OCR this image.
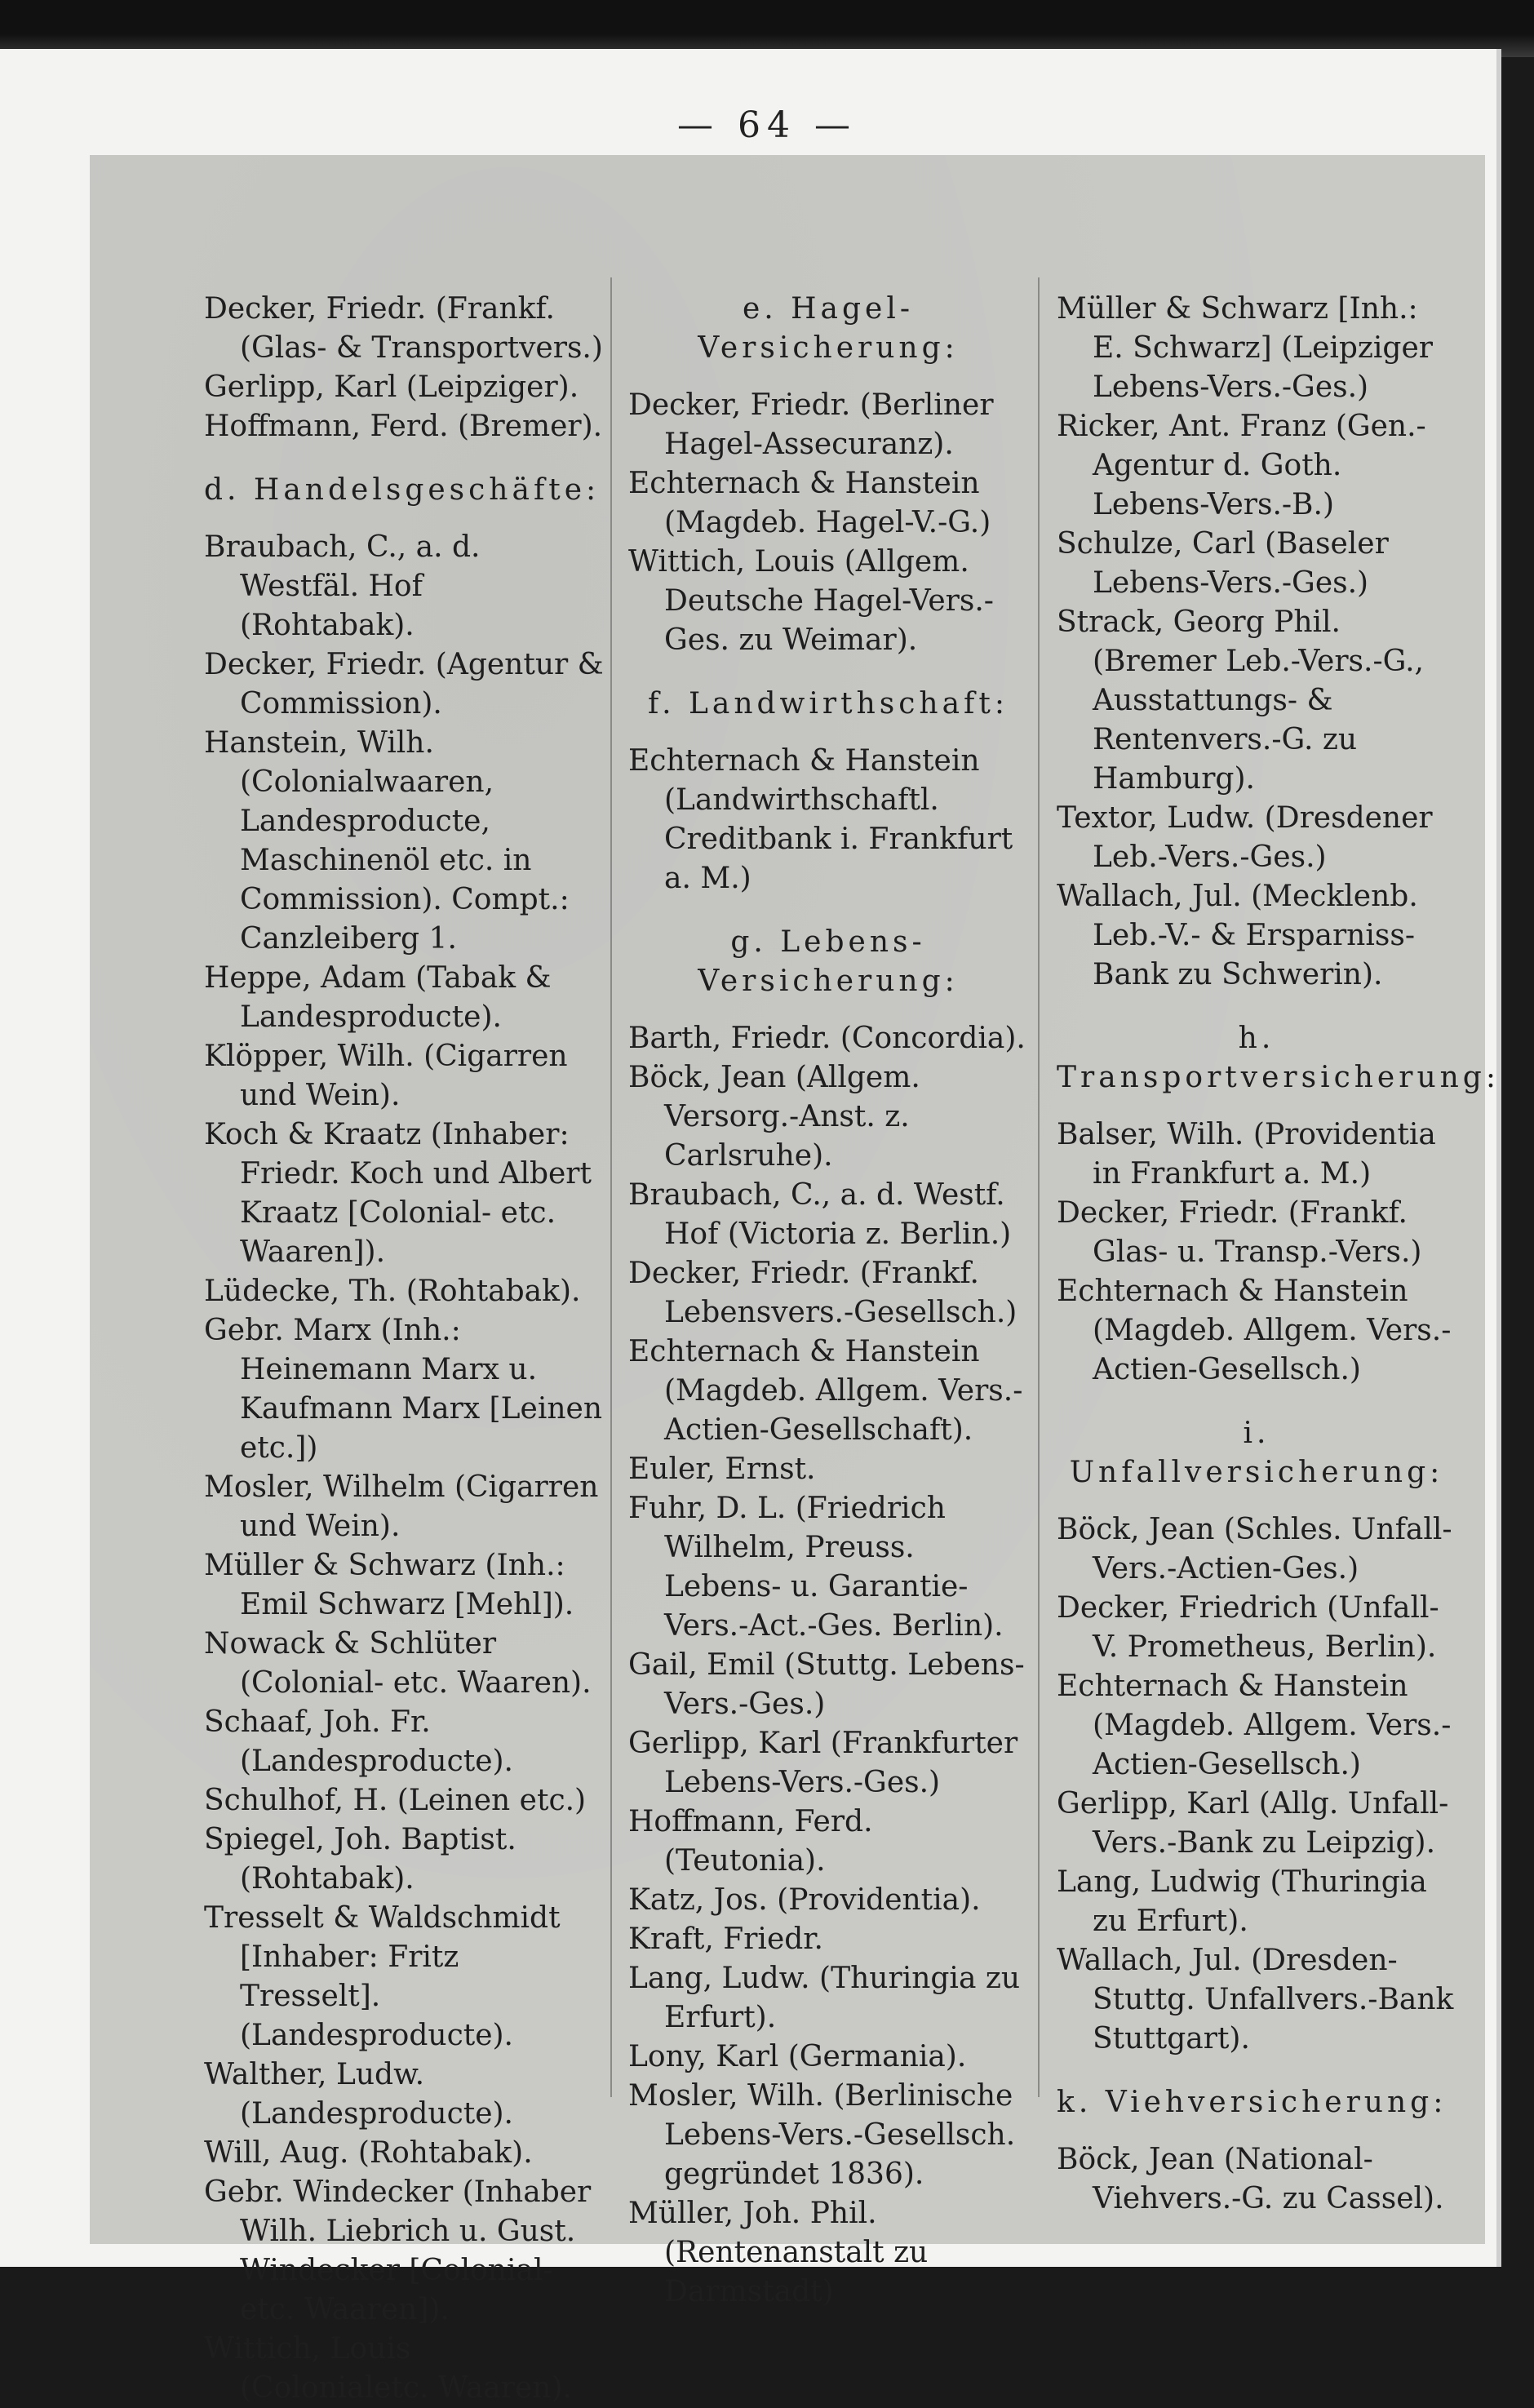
— 64 —
Decker, Friedr. (Frankf. (Glas- & Transportvers.)
Gerlipp, Karl (Leipziger).
Hoffmann, Ferd. (Bremer).
d. Handelsgeschäfte:
Braubach, C., a. d. Westfäl. Hof (Rohtabak).
Decker, Friedr. (Agentur & Commission).
Hanstein, Wilh. (Colonialwaaren, Landesproducte, Maschinenöl etc. in Commission). Compt.: Canzleiberg 1.
Heppe, Adam (Tabak & Landesproducte).
Klöpper, Wilh. (Cigarren und Wein).
Koch & Kraatz (Inhaber: Friedr. Koch und Albert Kraatz [Colonial- etc. Waaren]).
Lüdecke, Th. (Rohtabak).
Gebr. Marx (Inh.: Heinemann Marx u. Kaufmann Marx [Leinen etc.])
Mosler, Wilhelm (Cigarren und Wein).
Müller & Schwarz (Inh.: Emil Schwarz [Mehl]).
Nowack & Schlüter (Colonial- etc. Waaren).
Schaaf, Joh. Fr. (Landesproducte).
Schulhof, H. (Leinen etc.)
Spiegel, Joh. Baptist. (Rohtabak).
Tresselt & Waldschmidt [Inhaber: Fritz Tresselt]. (Landesproducte).
Walther, Ludw. (Landesproducte).
Will, Aug. (Rohtabak).
Gebr. Windecker (Inhaber Wilh. Liebrich u. Gust. Windecker [Colonial-etc. Waaren]).
Wittich, Louis (Colonialetc. Waaren).
e. Hagel- Versicherung:
Decker, Friedr. (Berliner Hagel-Assecuranz).
Echternach & Hanstein (Magdeb. Hagel-V.-G.)
Wittich, Louis (Allgem. Deutsche Hagel-Vers.-Ges. zu Weimar).
f. Landwirthschaft:
Echternach & Hanstein (Landwirthschaftl. Creditbank i. Frankfurt a. M.)
g. Lebens- Versicherung:
Barth, Friedr. (Concordia).
Böck, Jean (Allgem. Versorg.-Anst. z. Carlsruhe).
Braubach, C., a. d. Westf. Hof (Victoria z. Berlin.)
Decker, Friedr. (Frankf. Lebensvers.-Gesellsch.)
Echternach & Hanstein (Magdeb. Allgem. Vers.-Actien-Gesellschaft).
Euler, Ernst.
Fuhr, D. L. (Friedrich Wilhelm, Preuss. Lebens- u. Garantie-Vers.-Act.-Ges. Berlin).
Gail, Emil (Stuttg. Lebens-Vers.-Ges.)
Gerlipp, Karl (Frankfurter Lebens-Vers.-Ges.)
Hoffmann, Ferd. (Teutonia).
Katz, Jos. (Providentia).
Kraft, Friedr.
Lang, Ludw. (Thuringia zu Erfurt).
Lony, Karl (Germania).
Mosler, Wilh. (Berlinische Lebens-Vers.-Gesellsch. gegründet 1836).
Müller, Joh. Phil. (Rentenanstalt zu Darmstadt)
Müller & Schwarz [Inh.: E. Schwarz] (Leipziger Lebens-Vers.-Ges.)
Ricker, Ant. Franz (Gen.-Agentur d. Goth. Lebens-Vers.-B.)
Schulze, Carl (Baseler Lebens-Vers.-Ges.)
Strack, Georg Phil. (Bremer Leb.-Vers.-G., Ausstattungs- & Rentenvers.-G. zu Hamburg).
Textor, Ludw. (Dresdener Leb.-Vers.-Ges.)
Wallach, Jul. (Mecklenb. Leb.-V.- & Ersparniss-Bank zu Schwerin).
h. Transportversicherung:
Balser, Wilh. (Providentia in Frankfurt a. M.)
Decker, Friedr. (Frankf. Glas- u. Transp.-Vers.)
Echternach & Hanstein (Magdeb. Allgem. Vers.-Actien-Gesellsch.)
i. Unfallversicherung:
Böck, Jean (Schles. Unfall-Vers.-Actien-Ges.)
Decker, Friedrich (Unfall-V. Prometheus, Berlin).
Echternach & Hanstein (Magdeb. Allgem. Vers.-Actien-Gesellsch.)
Gerlipp, Karl (Allg. Unfall-Vers.-Bank zu Leipzig).
Lang, Ludwig (Thuringia zu Erfurt).
Wallach, Jul. (Dresden-Stuttg. Unfallvers.-Bank Stuttgart).
k. Viehversicherung:
Böck, Jean (National-Viehvers.-G. zu Cassel).
